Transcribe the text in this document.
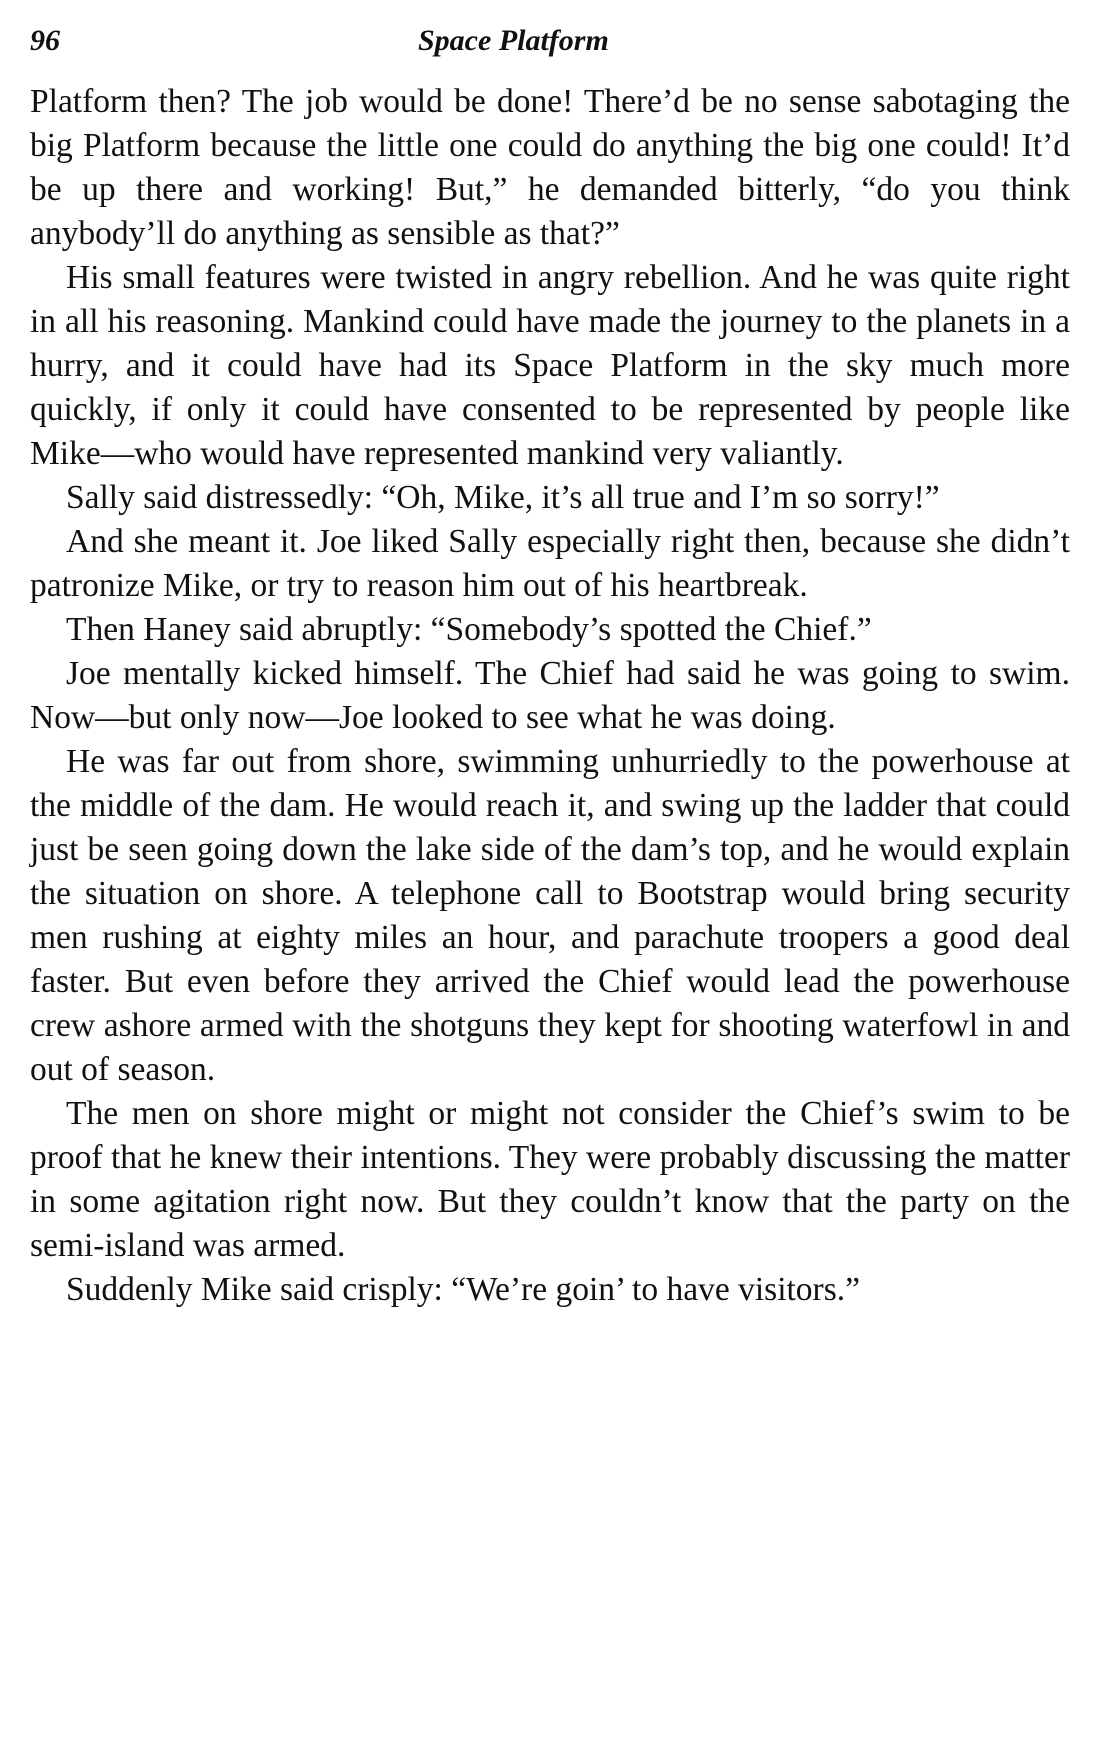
96	Space Platform

Platform then? The job would be done! There’d be no sense sabotaging the big Platform because the little one could do anything the big one could! It’d be up there and working! But,” he demanded bitterly, “do you think anybody’ll do anything as sensible as that?”

His small features were twisted in angry rebellion. And he was quite right in all his reasoning. Mankind could have made the journey to the planets in a hurry, and it could have had its Space Platform in the sky much more quickly, if only it could have consented to be represented by people like Mike—who would have represented mankind very valiantly.

Sally said distressedly: “Oh, Mike, it’s all true and I’m so sorry!”

And she meant it. Joe liked Sally especially right then, because she didn’t patronize Mike, or try to reason him out of his heartbreak.

Then Haney said abruptly: “Somebody’s spotted the Chief.”

Joe mentally kicked himself. The Chief had said he was going to swim. Now—but only now—Joe looked to see what he was doing.

He was far out from shore, swimming unhurriedly to the powerhouse at the middle of the dam. He would reach it, and swing up the ladder that could just be seen going down the lake side of the dam’s top, and he would explain the situation on shore. A telephone call to Bootstrap would bring security men rushing at eighty miles an hour, and parachute troopers a good deal faster. But even before they arrived the Chief would lead the powerhouse crew ashore armed with the shotguns they kept for shooting waterfowl in and out of season.

The men on shore might or might not consider the Chief’s swim to be proof that he knew their intentions. They were probably discussing the matter in some agitation right now. But they couldn’t know that the party on the semi-island was armed.

Suddenly Mike said crisply: “We’re goin’ to have visitors.”
